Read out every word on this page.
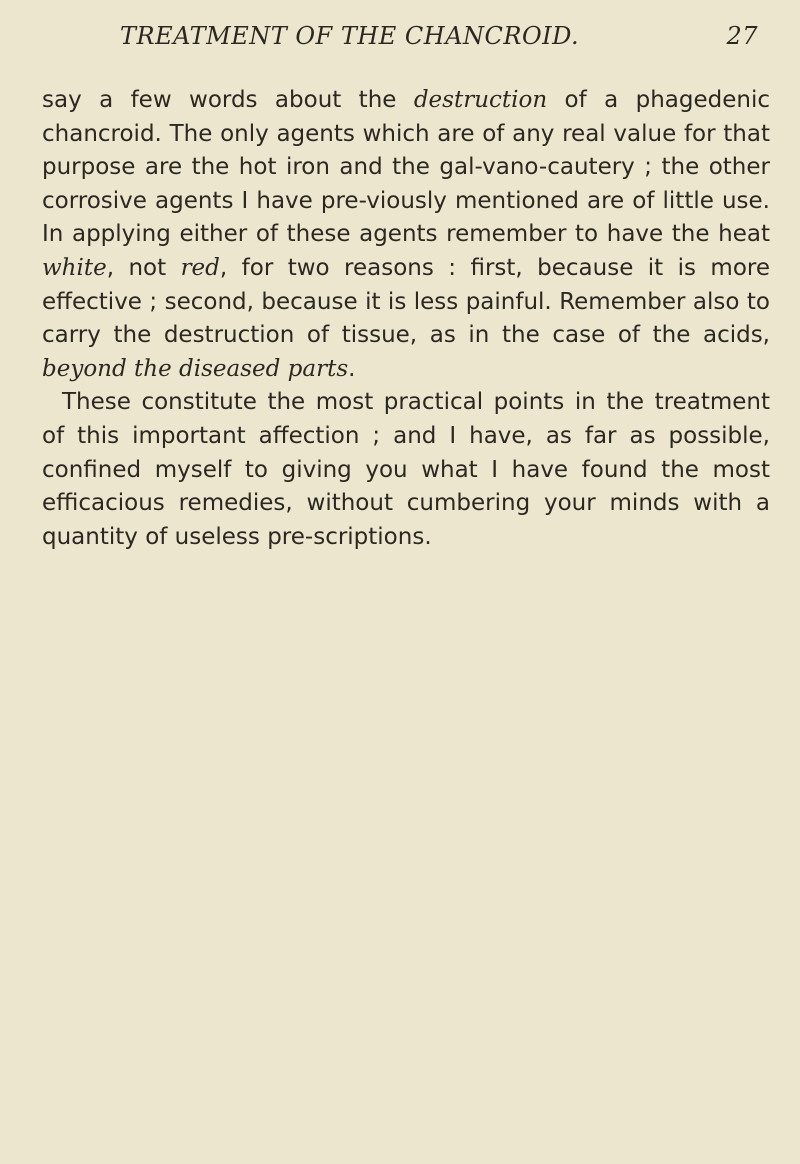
TREATMENT OF THE CHANCROID.	27

say a few words about the destruction of a phagedenic chancroid. The only agents which are of any real value for that purpose are the hot iron and the gal-vano-cautery ; the other corrosive agents I have pre-viously mentioned are of little use. In applying either of these agents remember to have the heat white, not red, for two reasons : first, because it is more effective ; second, because it is less painful. Remember also to carry the destruction of tissue, as in the case of the acids, beyond the diseased parts.

These constitute the most practical points in the treatment of this important affection ; and I have, as far as possible, confined myself to giving you what I have found the most efficacious remedies, without cumbering your minds with a quantity of useless pre-scriptions.
